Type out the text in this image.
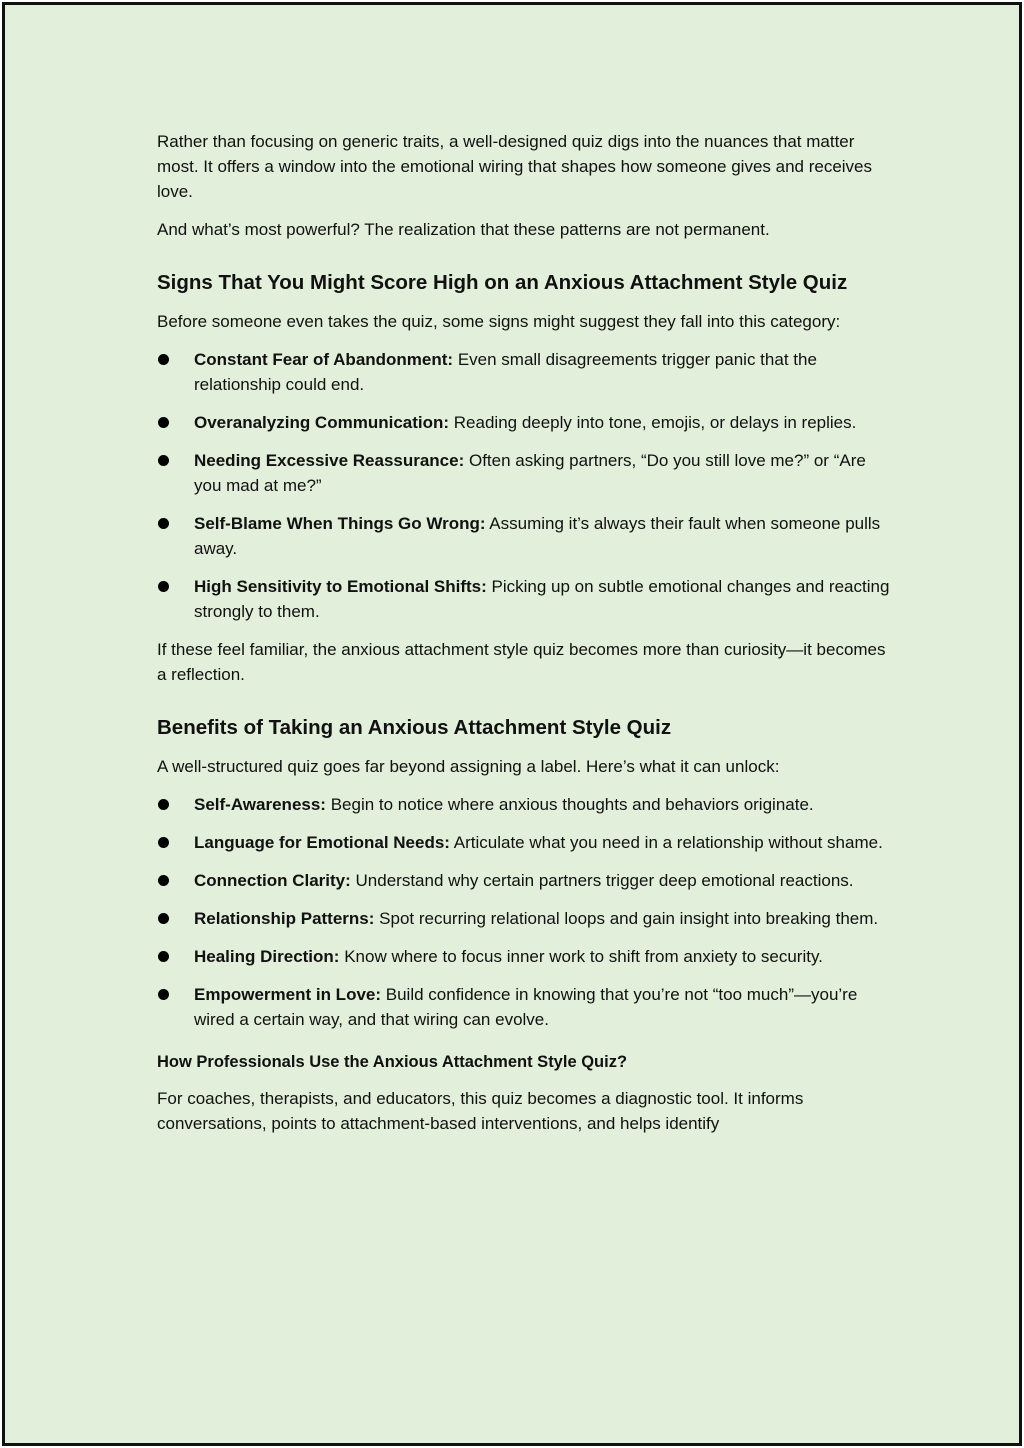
Rather than focusing on generic traits, a well-designed quiz digs into the nuances that matter most. It offers a window into the emotional wiring that shapes how someone gives and receives love.

And what’s most powerful? The realization that these patterns are not permanent.

Signs That You Might Score High on an Anxious Attachment Style Quiz

Before someone even takes the quiz, some signs might suggest they fall into this category:

Constant Fear of Abandonment: Even small disagreements trigger panic that the relationship could end.
Overanalyzing Communication: Reading deeply into tone, emojis, or delays in replies.
Needing Excessive Reassurance: Often asking partners, “Do you still love me?” or “Are you mad at me?”
Self-Blame When Things Go Wrong: Assuming it’s always their fault when someone pulls away.
High Sensitivity to Emotional Shifts: Picking up on subtle emotional changes and reacting strongly to them.

If these feel familiar, the anxious attachment style quiz becomes more than curiosity—it becomes a reflection.

Benefits of Taking an Anxious Attachment Style Quiz

A well-structured quiz goes far beyond assigning a label. Here’s what it can unlock:

Self-Awareness: Begin to notice where anxious thoughts and behaviors originate.
Language for Emotional Needs: Articulate what you need in a relationship without shame.
Connection Clarity: Understand why certain partners trigger deep emotional reactions.
Relationship Patterns: Spot recurring relational loops and gain insight into breaking them.
Healing Direction: Know where to focus inner work to shift from anxiety to security.
Empowerment in Love: Build confidence in knowing that you’re not “too much”—you’re wired a certain way, and that wiring can evolve.
How Professionals Use the Anxious Attachment Style Quiz?

For coaches, therapists, and educators, this quiz becomes a diagnostic tool. It informs conversations, points to attachment-based interventions, and helps identify
